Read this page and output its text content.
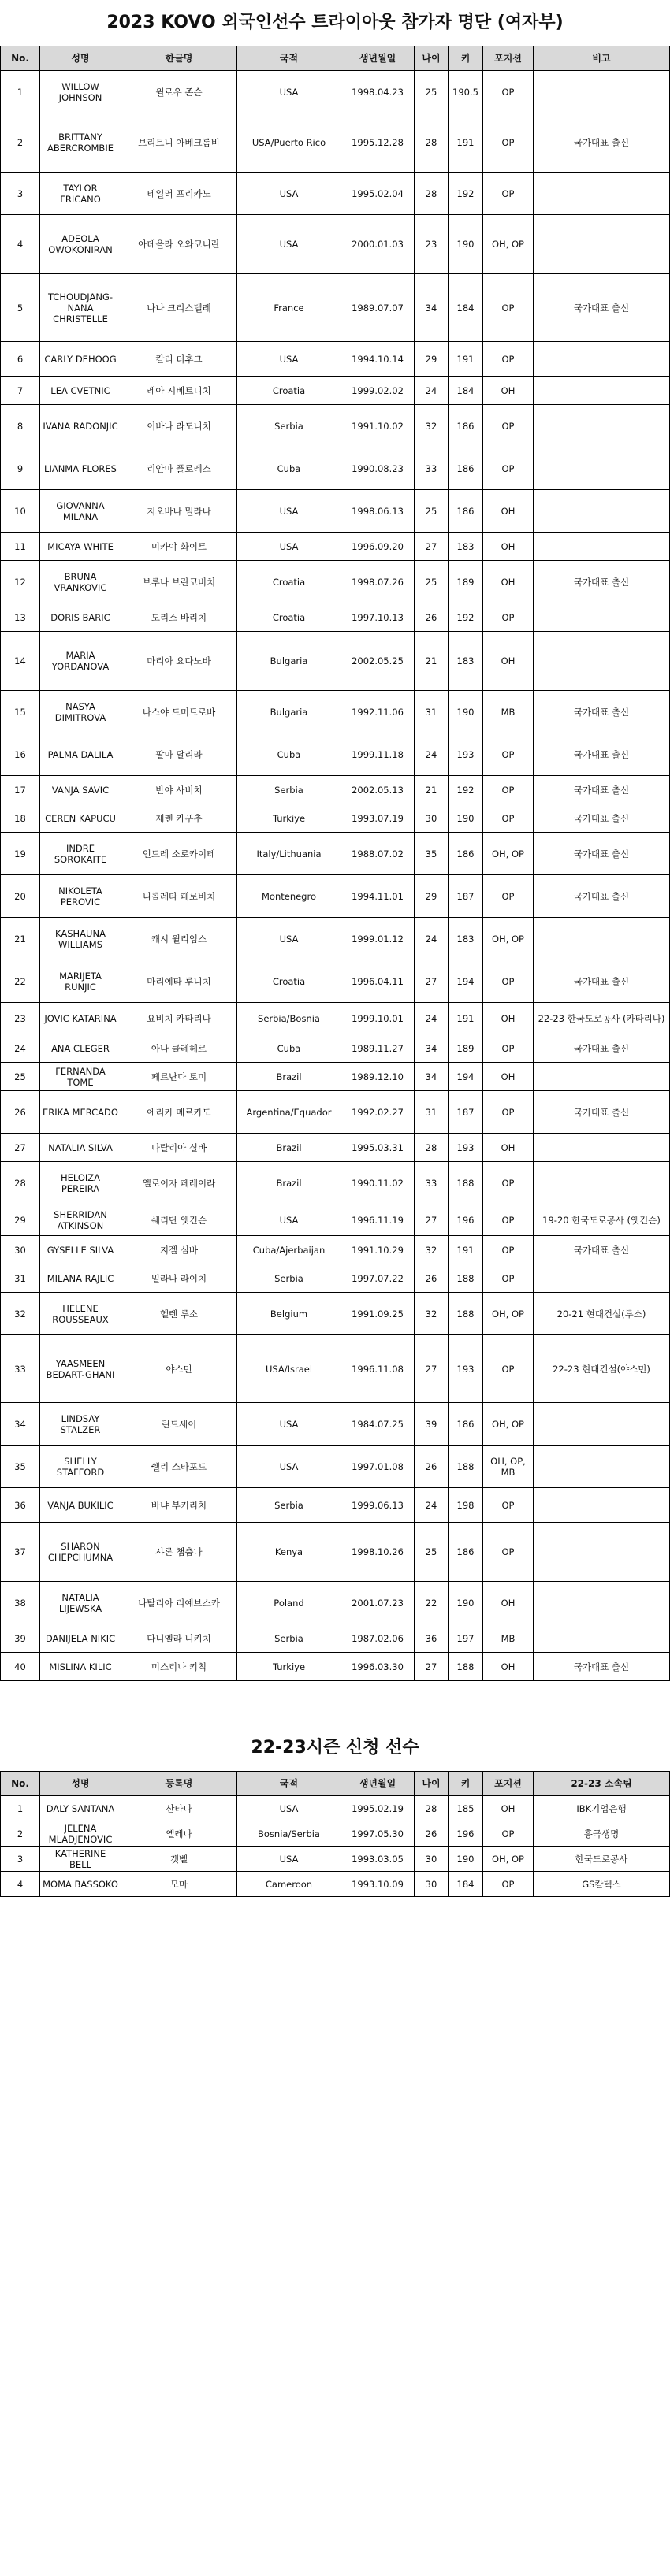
2023 KOVO 외국인선수 트라이아웃 참가자 명단 (여자부)
No.	성명	한글명	국적	생년월일	나이	키	포지션	비고
1	WILLOW JOHNSON	윌로우 존슨	USA	1998.04.23	25	190.5	OP	
2	BRITTANY ABERCROMBIE	브리트니 아베크롬비	USA/Puerto Rico	1995.12.28	28	191	OP	국가대표 출신
3	TAYLOR FRICANO	테일러 프리카노	USA	1995.02.04	28	192	OP	
4	ADEOLA OWOKONIRAN	아데올라 오와코니란	USA	2000.01.03	23	190	OH, OP	
5	TCHOUDJANG-NANA CHRISTELLE	나나 크리스텔레	France	1989.07.07	34	184	OP	국가대표 출신
6	CARLY DEHOOG	칼리 더후그	USA	1994.10.14	29	191	OP	
7	LEA CVETNIC	레아 시베트니치	Croatia	1999.02.02	24	184	OH	
8	IVANA RADONJIC	이바나 라도니치	Serbia	1991.10.02	32	186	OP	
9	LIANMA FLORES	리안마 플로레스	Cuba	1990.08.23	33	186	OP	
10	GIOVANNA MILANA	지오바나 밀라나	USA	1998.06.13	25	186	OH	
11	MICAYA WHITE	미카야 화이트	USA	1996.09.20	27	183	OH	
12	BRUNA VRANKOVIC	브루나 브란코비치	Croatia	1998.07.26	25	189	OH	국가대표 출신
13	DORIS BARIC	도리스 바리치	Croatia	1997.10.13	26	192	OP	
14	MARIA YORDANOVA	마리아 요다노바	Bulgaria	2002.05.25	21	183	OH	
15	NASYA DIMITROVA	나스야 드미트로바	Bulgaria	1992.11.06	31	190	MB	국가대표 출신
16	PALMA DALILA	팔마 달리라	Cuba	1999.11.18	24	193	OP	국가대표 출신
17	VANJA SAVIC	반야 사비치	Serbia	2002.05.13	21	192	OP	국가대표 출신
18	CEREN KAPUCU	제렌 카푸추	Turkiye	1993.07.19	30	190	OP	국가대표 출신
19	INDRE SOROKAITE	인드레 소로카이테	Italy/Lithuania	1988.07.02	35	186	OH, OP	국가대표 출신
20	NIKOLETA PEROVIC	니콜레타 페로비치	Montenegro	1994.11.01	29	187	OP	국가대표 출신
21	KASHAUNA WILLIAMS	캐시 윌리엄스	USA	1999.01.12	24	183	OH, OP	
22	MARIJETA RUNJIC	마리에타 루니치	Croatia	1996.04.11	27	194	OP	국가대표 출신
23	JOVIC KATARINA	요비치 카타리나	Serbia/Bosnia	1999.10.01	24	191	OH	22-23 한국도로공사 (카타리나)
24	ANA CLEGER	아나 클레헤르	Cuba	1989.11.27	34	189	OP	국가대표 출신
25	FERNANDA TOME	페르난다 토미	Brazil	1989.12.10	34	194	OH	
26	ERIKA MERCADO	에리카 메르카도	Argentina/Equador	1992.02.27	31	187	OP	국가대표 출신
27	NATALIA SILVA	나탈리아 실바	Brazil	1995.03.31	28	193	OH	
28	HELOIZA PEREIRA	엘로이자 페레이라	Brazil	1990.11.02	33	188	OP	
29	SHERRIDAN ATKINSON	쉐리단 앳킨슨	USA	1996.11.19	27	196	OP	19-20 한국도로공사 (앳킨슨)
30	GYSELLE SILVA	지젤 실바	Cuba/Ajerbaijan	1991.10.29	32	191	OP	국가대표 출신
31	MILANA RAJLIC	밀라나 라이치	Serbia	1997.07.22	26	188	OP	
32	HELENE ROUSSEAUX	헬렌 루소	Belgium	1991.09.25	32	188	OH, OP	20-21 현대건설(루소)
33	YAASMEEN BEDART-GHANI	야스민	USA/Israel	1996.11.08	27	193	OP	22-23 현대건설(야스민)
34	LINDSAY STALZER	린드세이	USA	1984.07.25	39	186	OH, OP	
35	SHELLY STAFFORD	쉘리 스타포드	USA	1997.01.08	26	188	OH, OP, MB	
36	VANJA BUKILIC	바냐 부키리치	Serbia	1999.06.13	24	198	OP	
37	SHARON CHEPCHUMNA	샤론 챕춤나	Kenya	1998.10.26	25	186	OP	
38	NATALIA LIJEWSKA	나탈리아 리예브스카	Poland	2001.07.23	22	190	OH	
39	DANIJELA NIKIC	다니엘라 니키치	Serbia	1987.02.06	36	197	MB	
40	MISLINA KILIC	미스리나 키칙	Turkiye	1996.03.30	27	188	OH	국가대표 출신
22-23시즌 신청 선수
No.	성명	등록명	국적	생년월일	나이	키	포지션	22-23 소속팀
1	DALY SANTANA	산타나	USA	1995.02.19	28	185	OH	IBK기업은행
2	JELENA MLADJENOVIC	옐레나	Bosnia/Serbia	1997.05.30	26	196	OP	흥국생명
3	KATHERINE BELL	캣벨	USA	1993.03.05	30	190	OH, OP	한국도로공사
4	MOMA BASSOKO	모마	Cameroon	1993.10.09	30	184	OP	GS칼텍스
